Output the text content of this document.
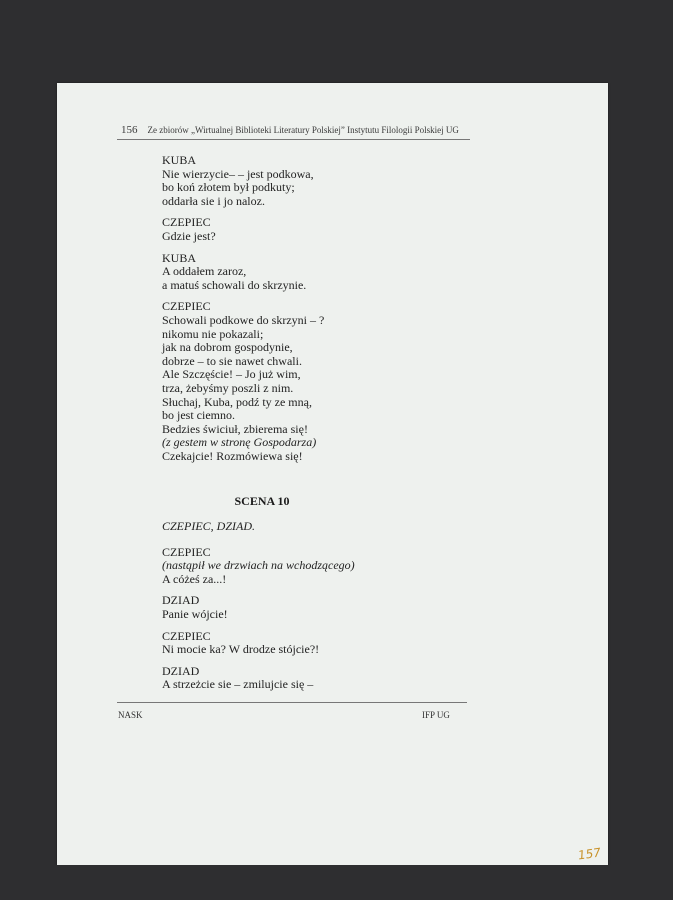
156 Ze zbiorów „Wirtualnej Biblioteki Literatury Polskiej” Instytutu Filologii Polskiej UG
KUBA
Nie wierzycie– – jest podkowa,
bo koń złotem był podkuty;
oddarła sie i jo naloz.
CZEPIEC
Gdzie jest?
KUBA
A oddałem zaroz,
a matuś schowali do skrzynie.
CZEPIEC
Schowali podkowe do skrzyni – ?
nikomu nie pokazali;
jak na dobrom gospodynie,
dobrze – to sie nawet chwali.
Ale Szczęście! – Jo już wim,
trza, żebyśmy poszli z nim.
Słuchaj, Kuba, podź ty ze mną,
bo jest ciemno.
Bedzies świciuł, zbierema się!
(z gestem w stronę Gospodarza)
Czekajcie! Rozmówiewa się!
SCENA 10
CZEPIEC, DZIAD.
CZEPIEC
(nastąpił we drzwiach na wchodzącego)
A cóżeś za...!
DZIAD
Panie wójcie!
CZEPIEC
Ni mocie ka? W drodze stójcie?!
DZIAD
A strzeżcie sie – zmilujcie się –
NASK	IFP UG
157
